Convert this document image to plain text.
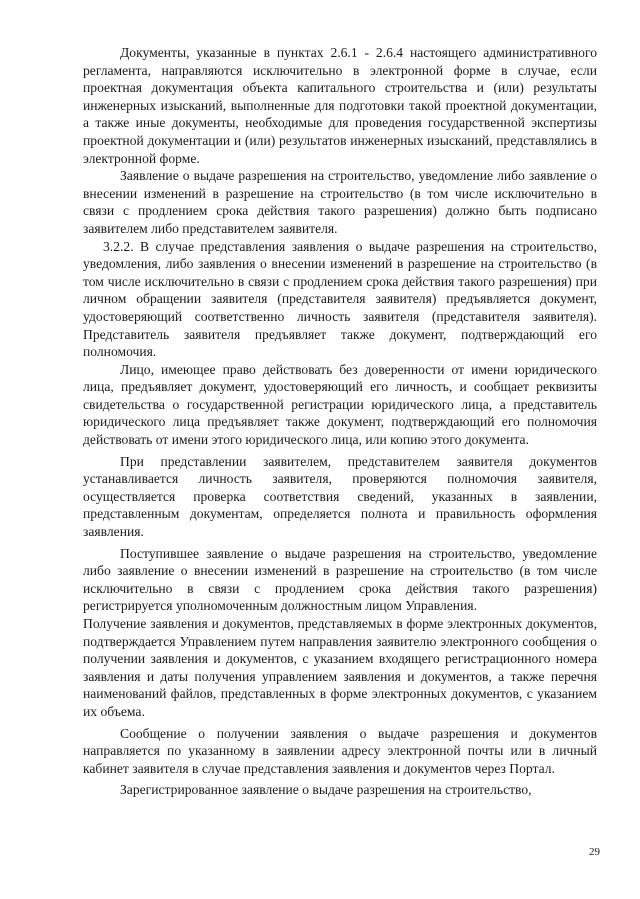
Документы, указанные в пунктах 2.6.1 - 2.6.4 настоящего административного регламента, направляются исключительно в электронной форме в случае, если проектная документация объекта капитального строительства и (или) результаты инженерных изысканий, выполненные для подготовки такой проектной документации, а также иные документы, необходимые для проведения государственной экспертизы проектной документации и (или) результатов инженерных изысканий, представлялись в электронной форме.

Заявление о выдаче разрешения на строительство, уведомление либо заявление о внесении изменений в разрешение на строительство (в том числе исключительно в связи с продлением срока действия такого разрешения) должно быть подписано заявителем либо представителем заявителя.

3.2.2. В случае представления заявления о выдаче разрешения на строительство, уведомления, либо заявления о внесении изменений в разрешение на строительство (в том числе исключительно в связи с продлением срока действия такого разрешения) при личном обращении заявителя (представителя заявителя) предъявляется документ, удостоверяющий соответственно личность заявителя (представителя заявителя). Представитель заявителя предъявляет также документ, подтверждающий его полномочия.

Лицо, имеющее право действовать без доверенности от имени юридического лица, предъявляет документ, удостоверяющий его личность, и сообщает реквизиты свидетельства о государственной регистрации юридического лица, а представитель юридического лица предъявляет также документ, подтверждающий его полномочия действовать от имени этого юридического лица, или копию этого документа.

При представлении заявителем, представителем заявителя документов устанавливается личность заявителя, проверяются полномочия заявителя, осуществляется проверка соответствия сведений, указанных в заявлении, представленным документам, определяется полнота и правильность оформления заявления.

Поступившее заявление о выдаче разрешения на строительство, уведомление либо заявление о внесении изменений в разрешение на строительство (в том числе исключительно в связи с продлением срока действия такого разрешения) регистрируется уполномоченным должностным лицом Управления.

Получение заявления и документов, представляемых в форме электронных документов, подтверждается Управлением путем направления заявителю электронного сообщения о получении заявления и документов, с указанием входящего регистрационного номера заявления и даты получения управлением заявления и документов, а также перечня наименований файлов, представленных в форме электронных документов, с указанием их объема.

Сообщение о получении заявления о выдаче разрешения и документов направляется по указанному в заявлении адресу электронной почты или в личный кабинет заявителя в случае представления заявления и документов через Портал.

Зарегистрированное заявление о выдаче разрешения на строительство,

29
